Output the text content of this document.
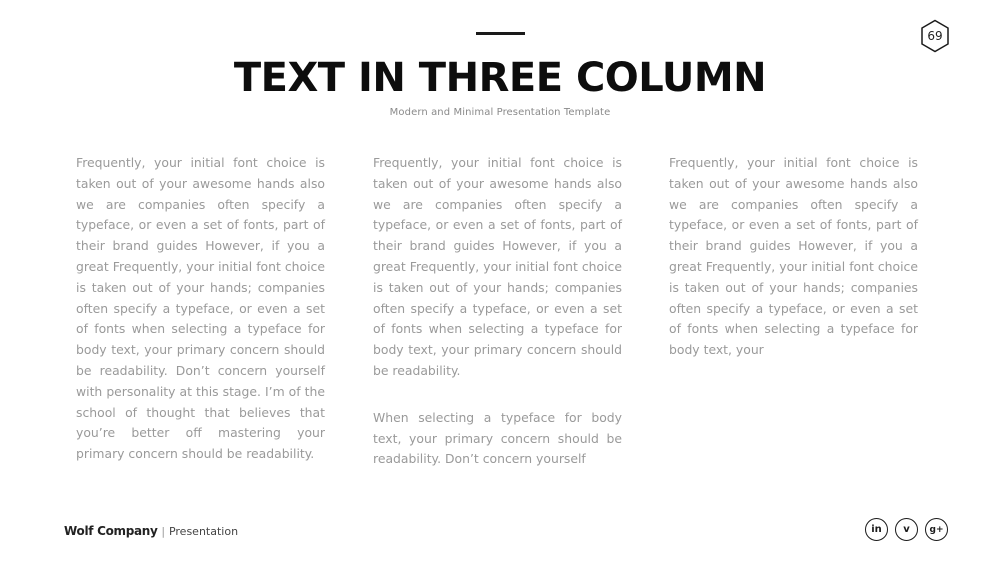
69
TEXT IN THREE COLUMN
Modern and Minimal Presentation Template

Frequently, your initial font choice is taken out of your awesome hands also we are companies often specify a typeface, or even a set of fonts, part of their brand guides However, if you a great Frequently, your initial font choice is taken out of your hands; companies often specify a typeface, or even a set of fonts when selecting a typeface for body text, your primary concern should be readability. Don’t concern yourself with personality at this stage. I’m of the school of thought that believes that you’re better off mastering your primary concern should be readability.

Frequently, your initial font choice is taken out of your awesome hands also we are companies often specify a typeface, or even a set of fonts, part of their brand guides However, if you a great Frequently, your initial font choice is taken out of your hands; companies often specify a typeface, or even a set of fonts when selecting a typeface for body text, your primary concern should be readability.

When selecting a typeface for body text, your primary concern should be readability. Don’t concern yourself

Frequently, your initial font choice is taken out of your awesome hands also we are companies often specify a typeface, or even a set of fonts, part of their brand guides However, if you a great Frequently, your initial font choice is taken out of your hands; companies often specify a typeface, or even a set of fonts when selecting a typeface for body text, your

Wolf Company | Presentation	in v g+
